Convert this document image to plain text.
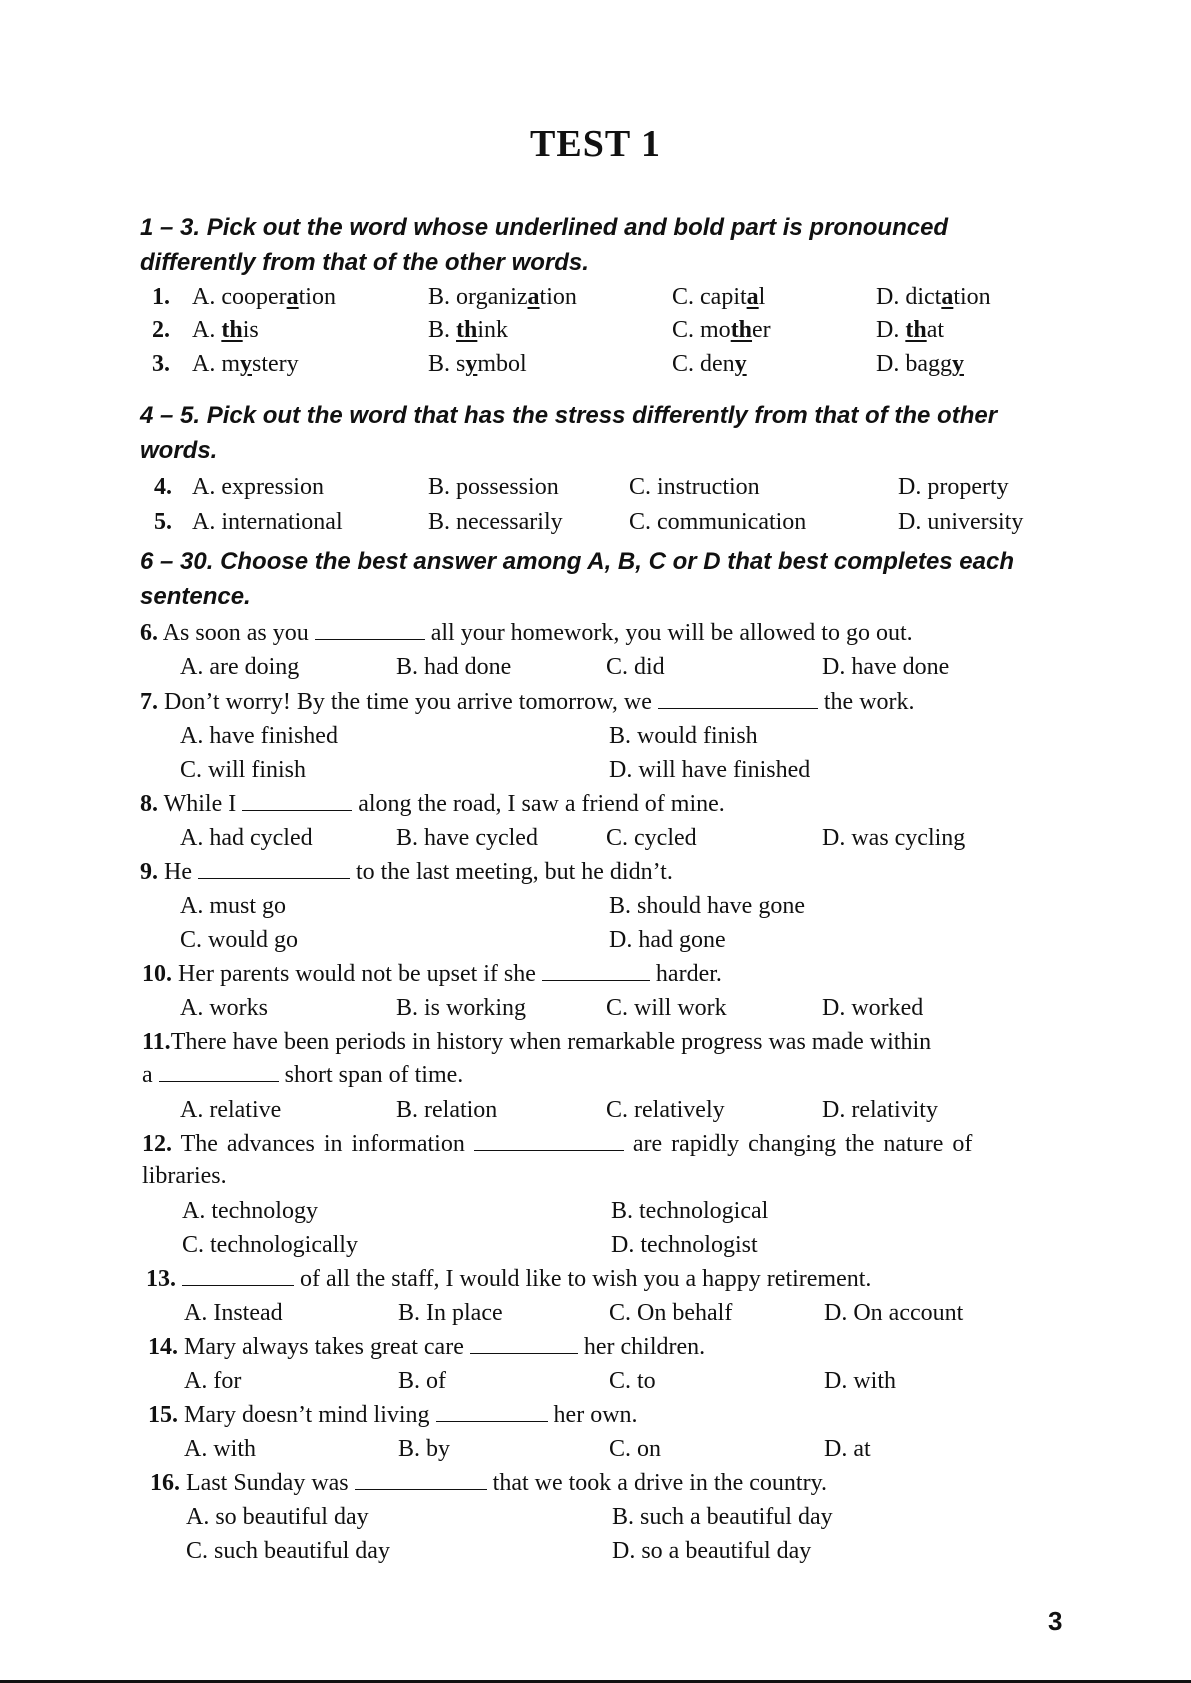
TEST 1
1 – 3. Pick out the word whose underlined and bold part is pronounced differently from that of the other words.
1. A. cooperation	B. organization	C. capital	D. dictation
2. A. this	B. think	C. mother	D. that
3. A. mystery	B. symbol	C. deny	D. baggy
4 – 5. Pick out the word that has the stress differently from that of the other words.
4. A. expression	B. possession	C. instruction	D. property
5. A. international	B. necessarily	C. communication	D. university
6 – 30. Choose the best answer among A, B, C or D that best completes each sentence.
6. As soon as you	all your homework, you will be allowed to go out.
A. are doing	B. had done	C. did	D. have done
7. Don’t worry! By the time you arrive tomorrow, we	the work.
A. have finished	B. would finish
C. will finish	D. will have finished
8. While I	along the road, I saw a friend of mine.
A. had cycled	B. have cycled	C. cycled	D. was cycling
9. He	to the last meeting, but he didn’t.
A. must go	B. should have gone
C. would go	D. had gone
10. Her parents would not be upset if she	harder.
A. works	B. is working	C. will work	D. worked
11.There have been periods in history when remarkable progress was made within
a	short span of time.
A. relative	B. relation	C. relatively	D. relativity
12. The advances in information	are rapidly changing the nature of
libraries.
A. technology	B. technological
C. technologically	D. technologist
13.	of all the staff, I would like to wish you a happy retirement.
A. Instead	B. In place	C. On behalf	D. On account
14. Mary always takes great care	her children.
A. for	B. of	C. to	D. with
15. Mary doesn’t mind living	her own.
A. with	B. by	C. on	D. at
16. Last Sunday was	that we took a drive in the country.
A. so beautiful day	B. such a beautiful day
C. such beautiful day	D. so a beautiful day
3
